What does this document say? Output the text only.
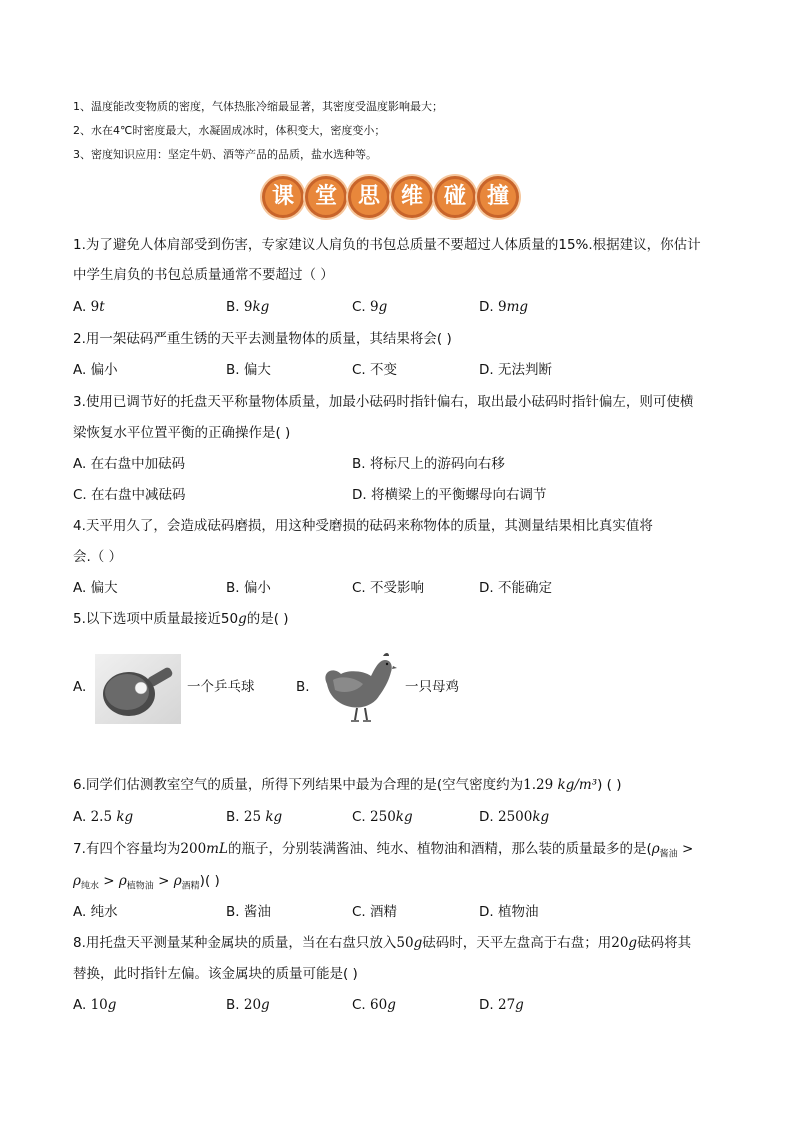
1、温度能改变物质的密度，气体热胀冷缩最显著，其密度受温度影响最大；
2、水在4℃时密度最大，水凝固成冰时，体积变大，密度变小；
3、密度知识应用：坚定牛奶、酒等产品的品质，盐水选种等。
课 堂 思 维 碰 撞
1.为了避免人体肩部受到伤害，专家建议人肩负的书包总质量不要超过人体质量的15%.根据建议，你估计
中学生肩负的书包总质量通常不要超过（ ）
A. 9t	B. 9kg	C. 9g	D. 9mg
2.用一架砝码严重生锈的天平去测量物体的质量，其结果将会( )
A. 偏小	B. 偏大	C. 不变	D. 无法判断
3.使用已调节好的托盘天平称量物体质量，加最小砝码时指针偏右，取出最小砝码时指针偏左，则可使横
梁恢复水平位置平衡的正确操作是( )
A. 在右盘中加砝码	B. 将标尺上的游码向右移
C. 在右盘中减砝码	D. 将横梁上的平衡螺母向右调节
4.天平用久了，会造成砝码磨损，用这种受磨损的砝码来称物体的质量，其测量结果相比真实值将
会.（ ）
A. 偏大	B. 偏小	C. 不受影响	D. 不能确定
5.以下选项中质量最接近50g的是( )
A.	一个乒乓球	B.	一只母鸡
6.同学们估测教室空气的质量，所得下列结果中最为合理的是(空气密度约为1.29 kg/m³) ( )
A. 2.5 kg	B. 25 kg	C. 250kg	D. 2500kg
7.有四个容量均为200mL的瓶子，分别装满酱油、纯水、植物油和酒精，那么装的质量最多的是($\rho_{酱油}$ >
$\rho_{纯水} > \rho_{植物油} > \rho_{酒精}$)( )
A. 纯水	B. 酱油	C. 酒精	D. 植物油
8.用托盘天平测量某种金属块的质量，当在右盘只放入50g砝码时，天平左盘高于右盘；用20g砝码将其
替换，此时指针左偏。该金属块的质量可能是( )
A. 10g	B. 20g	C. 60g	D. 27g
